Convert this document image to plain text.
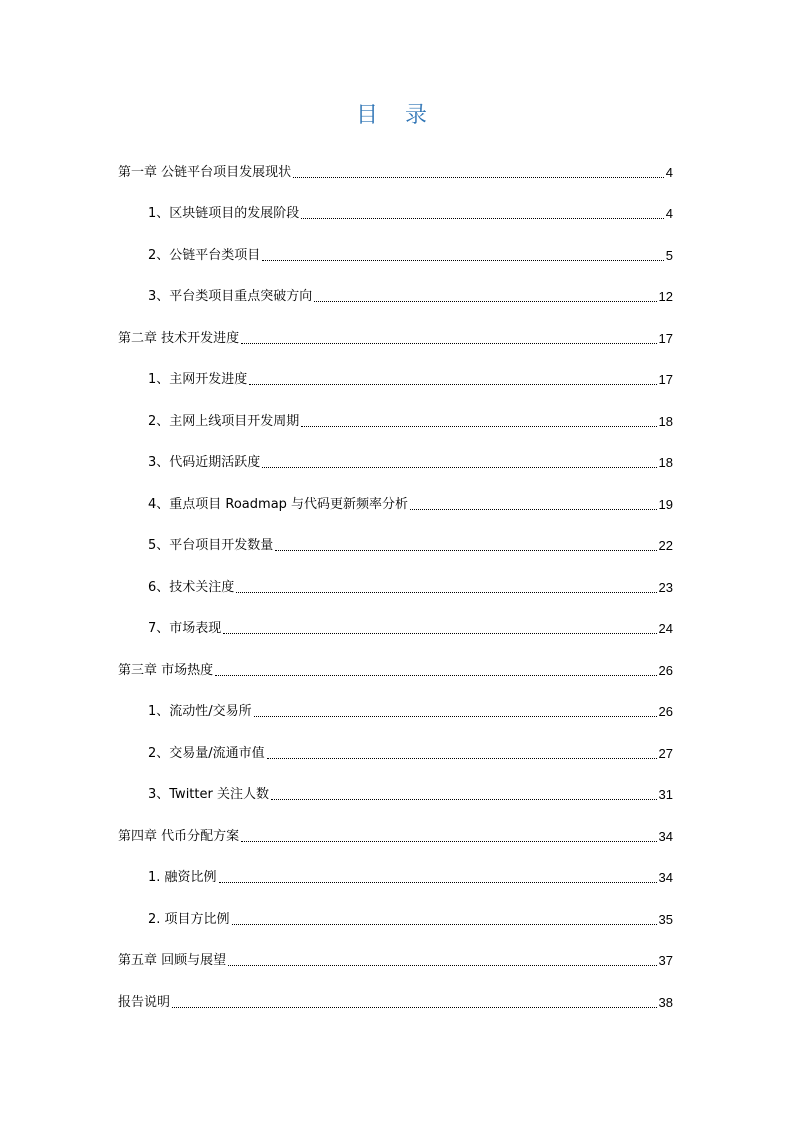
目 录
第一章 公链平台项目发展现状	4
1、区块链项目的发展阶段	4
2、公链平台类项目	5
3、平台类项目重点突破方向	12
第二章 技术开发进度	17
1、主网开发进度	17
2、主网上线项目开发周期	18
3、代码近期活跃度	18
4、重点项目 Roadmap 与代码更新频率分析	19
5、平台项目开发数量	22
6、技术关注度	23
7、市场表现	24
第三章 市场热度	26
1、流动性/交易所	26
2、交易量/流通市值	27
3、Twitter 关注人数	31
第四章 代币分配方案	34
1. 融资比例	34
2. 项目方比例	35
第五章 回顾与展望	37
报告说明	38
